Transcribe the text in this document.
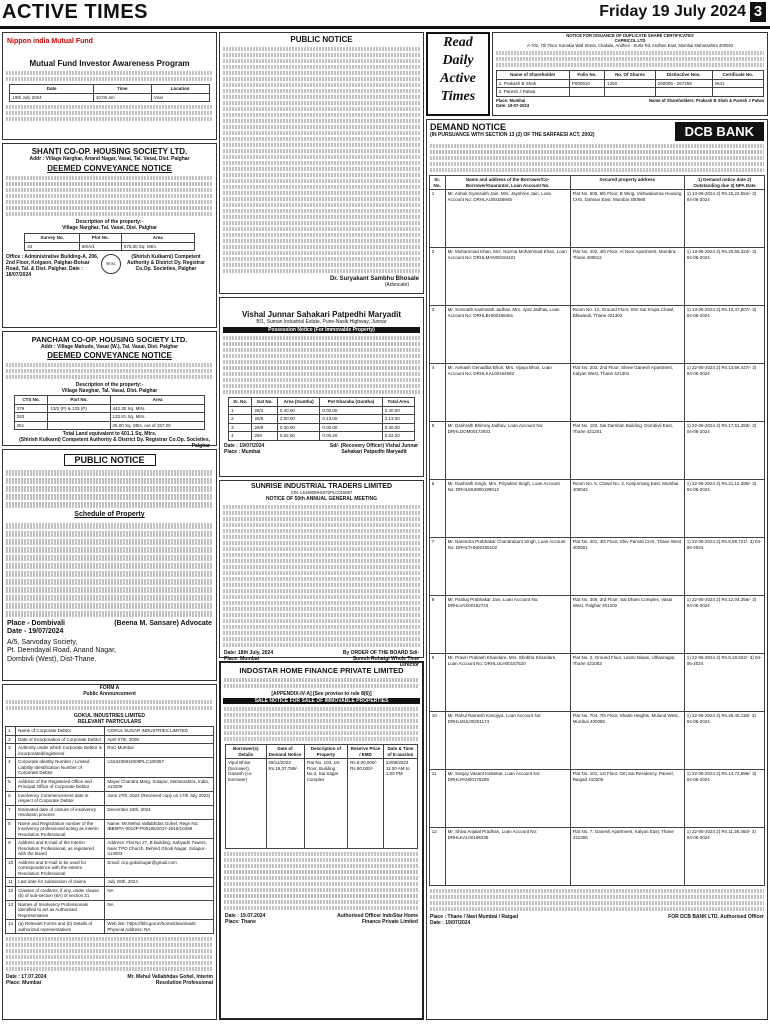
ACTIVE TIMES	Friday 19 July 2024 3
Nippon india Mutual Fund
Mutual Fund Investor Awareness Program
Date	Time	Location
19th July 2024	10:00 am	Virar
SHANTI CO-OP. HOUSING SOCIETY LTD.
Addr : Village Narghar, Anand Nagar, Vasai, Tal. Vasai, Dist. Palghar
DEEMED CONVEYANCE NOTICE
Description of the property:-
Village Narghar, Tal. Vasai, Dist. Palghar
Survey No.	Plot No.	Area
44	60/A/1	675.00 Sq. Mtrs.
Office : Administrative Building-A, 206, 2nd Floor, Kolgaon, Palghar-Boisar Road, Tal. & Dist. Palghar. Date : 18/07/2024
SEAL
(Shirish Kulkarni) Competent Authority & District Dy. Registrar Co.Op. Societies, Palghar
PANCHAM CO-OP. HOUSING SOCIETY LTD.
Addr : Village Mahude, Vasai (W.), Tal. Vasai, Dist. Palghar
DEEMED CONVEYANCE NOTICE
Description of the property:-
Village Navghar, Tal. Vasai, Dist. Palghar
CTS No.	Part No.	Area
279	13/2 (P) & 133 (P)	442.30 Sq. Mtrs.
283		133.81 Sq. Mtrs.
261		25.00 Sq. Mtrs. out of 157.20
Total Land equivalent to 601.1 Sq. Mtrs.
(Shirish Kulkarni) Competent Authority & District Dy. Registrar Co.Op. Societies, Palghar
PUBLIC NOTICE
Schedule of Property
Place - Dombivali
Date - 19/07/2024
(Beena M. Sansare) Advocate
A/5, Sarvoday Society,
Pt. Deendayal Road, Anand Nagar,
Dombivli (West), Dist-Thane.
FORM A
Public Announcement
GOKUL INDUSTRIES LIMITED
RELEVANT PARTICULARS
1	Name of Corporate Debtor	GOKUL SUGAR INDUSTRIES LIMITED
2	Date of Incorporation of Corporate Debtor	April 07th, 2008
3	Authority under which Corporate Debtor is incorporated/registered	RoC Mumbai
4	Corporate Identity Number / Limited Liability Identification Number of Corporate Debtor	U15423MH2008PLC180357
5	Address of the Registered Office and Principal Office of Corporate Debtor	Mayur Chandra Marg, Solapur, Maharashtra, India, 413209
6	Insolvency Commencement date in respect of Corporate Debtor	June 27th, 2024 (Received copy on 17th July 2024)
7	Estimated date of closure of insolvency resolution process	December 24th, 2024
8	Name and Registration number of the insolvency professional acting as interim Resolution Professional	Name: Mr.Mehul Vallabhdas Gohel, Regn No: IBBI/IPA-001/IP-P00185/2017-2018/10289
9	Address and E-mail of the Interim Resolution Professional, as registered with the Board	Address: Flat No 27, B Building, Sahyadri Towers, Near TPO Church, Behind Ghodi Nagar, Solapur-413003
10	Address and E-mail to be used for correspondence with the Interim Resolution Professional	Email: cirp.gokulsugar@gmail.com
11	Last date for submission of claims	July 26th, 2024
12	Classes of creditors, if any, under clause (b) of sub-section (6A) of section 21	NA
13	Names of Insolvency Professionals identified to act as Authorised Representative	NA
14	(a) Relevant Forms and (b) Details of authorized representatives	Web link: https://ibbi.gov.in/home/downloads Physical Address: NA
Date : 17.07.2024
Place: Mumbai
Mr. Mehul Vallabhdas Gohel, Interim Resolution Professional
PUBLIC NOTICE
Dr. Suryakant Sambhu Bhosale
(Advocate)
Vishal Junnar Sahakari Patpedhi Maryadit
B/1, Suman Industrial Estate, Pune-Nasik Highway, Junnar
Possession Notice (For Immovable Property)
Sr. No.	Gat No.	Area (Guntha)	Pot Kharaba (Guntha)	Total Area
1	26/3	0.40.00	0.00.00	0.40.00
2	26/9	2.00.00	0.13.00	2.13.00
3	26/9	0.30.00	0.00.00	0.30.00
4	260	0.02.00	0.00.20	0.02.20
Date : 19/07/2024
Place : Mumbai
Sd/- (Recovery Officer) Vishal Junnar Sahakari Patpedhi Maryadit
SUNRISE INDUSTRIAL TRADERS LIMITED
CIN: L51900MH1972PLC015857
NOTICE OF 50th ANNUAL GENERAL MEETING
Date: 18th July, 2024
Place: Mumbai
By ORDER OF THE BOARD Sd/- Suresh Rohatgi Whole Time Director
INDOSTAR HOME FINANCE PRIVATE LIMITED
[APPENDIX-IV-A] [See proviso to rule 8(6)]
SALE NOTICE FOR SALE OF IMMOVABLE PROPERTIES
Borrower(s) Details	Date of Demand Notice	Description of Property	Reserve Price / EMD	Date & Time of E-auction
Vipul Bhise (borrower), Ganesh (co-borrower)	09/11/2023 Rs.19,37,788/-	Flat No. 103, 1st Floor, Building No.3, Sai Sagar Complex	Rs.8,00,000/- Rs.80,000/-	23/08/2024 11:00 AM to 1:00 PM
Date : 19.07.2024
Place: Thane
Authorised Officer IndoStar Home Finance Private Limited
Read
Daily
Active
Times
NOTICE FOR ISSUANCE OF DUPLICATE SHARE CERTIFICATES
CAPRICOL LTD
A-702, 7th Floor, Kanakia Wall Street, Chakala, Andheri - Kurla Rd, Andheri East, Mumbai Maharashtra 400093
Name of Shareholder	Folio No.	No. Of Shares	Distinctive Nos.	Certificate No.
1. Prakash B Shah	P000910	1250	260009 - 267258	2641
2. Paresh J Patwa				
Place: Mumbai
Date: 19-07-2024
Name of Shareholders: Prakash B Shah & Paresh J Patwa
DEMAND NOTICE
(IN PURSUANCE WITH SECTION 13 (2) OF THE SARFAESI ACT, 2002)	DCB BANK
Sr. No.	Name and address of the Borrower/Co-Borrower/Guarantor, Loan Account No.	Secured property address	1) Demand notice date 2) Outstanding due 3) NPA Date
1	Mr. Ashok Gyansukh Jain, Mrs. Jayshree Jain, Loan Account No: DRHLAU00155945	Flat No. 605, 6th Floor, B Wing, Vishwakarma Housing CHS, Dahisar East, Mumbai 400068	1) 13-06-2024 2) Rs.15,22,554/- 3) 04-06-2024
2	Mr. Mohammad Khan, Mrs. Nazma Mohammad Khan, Loan Account No: DRHLMAN00184421	Flat No. 402, 4th Floor, Al Noor Apartment, Mumbra, Thane 400612	1) 13-06-2024 2) Rs.20,55,324/- 3) 04-06-2024
3	Mr. Somnath Kashinath Jadhav, Mrs. Jyoti Jadhav, Loan Account No: DRHLBHI00189461	Room No. 12, Ground Floor, Shri Sai Krupa Chawl, Bhiwandi, Thane 421302	1) 13-06-2024 2) Rs.10,47,807/- 3) 04-06-2024
4	Mr. Avinash Genadiba Bhoir, Mrs. Vijaya Bhoir, Loan Account No: DRHLKAL00164582	Flat No. 203, 2nd Floor, Shree Ganesh Apartment, Kalyan West, Thane 421301	1) 22-06-2024 2) Rs.13,66,427/- 3) 04-06-2024
5	Mr. Dashrath Bhimraj Jadhav, Loan Account No: DRHLDOM00172931	Flat No. 102, Sai Darshan Building, Dombivli East, Thane 421201	1) 22-06-2024 2) Rs.17,51,283/- 3) 04-06-2024
6	Mr. Dashrath Singh, Mrs. Priyadevi Singh, Loan Account No: DRHLMUM00199012	Room No. 5, Chawl No. 3, Kanjurmarg East, Mumbai 400042	1) 22-06-2024 2) Rs.21,10,385/- 3) 04-06-2024
7	Mr. Narendra Prabhakar Chandrakant Singh, Loan Account No: DRHLTHN00185102	Flat No. 401, 4th Floor, Shiv Parvati CHS, Thane West 400601	1) 22-06-2024 2) Rs.8,99,721/- 3) 04-06-2024
8	Mr. Pankaj Prabhakar Jain, Loan Account No: DRHLVAS00192743	Flat No. 306, 3rd Floor, Sai Dham Complex, Vasai West, Palghar 401202	1) 22-06-2024 2) Rs.12,04,356/- 3) 04-06-2024
9	Mr. Pravin Prakash Khandare, Mrs. Shobha Khandare, Loan Account No: DRHLULH00187520	Flat No. 2, Ground Floor, Laxmi Niwas, Ulhasnagar, Thane 421003	1) 22-06-2024 2) Rs.9,18,602/- 3) 04-06-2024
10	Mr. Rahul Ramesh Kanojiya, Loan Account No: DRHLMUL00201174	Flat No. 704, 7th Floor, Shanti Heights, Mulund West, Mumbai 400080	1) 22-06-2024 2) Rs.26,45,118/- 3) 04-06-2024
11	Mr. Sanjay Vasant Kalsekar, Loan Account No: DRHLPAN00178209	Flat No. 101, 1st Floor, Om Sai Residency, Panvel, Raigad 410206	1) 22-06-2024 2) Rs.14,72,896/- 3) 04-06-2024
12	Mr. Shiva Anjalal Pradhan, Loan Account No: DRHLKAL00196335	Flat No. 7, Ganesh Apartment, Kalyan East, Thane 421306	1) 22-06-2024 2) Rs.11,38,460/- 3) 04-06-2024
Place : Thane / Navi Mumbai / Raigad
Date : 19/07/2024
FOR DCB BANK LTD. Authorised Officer
